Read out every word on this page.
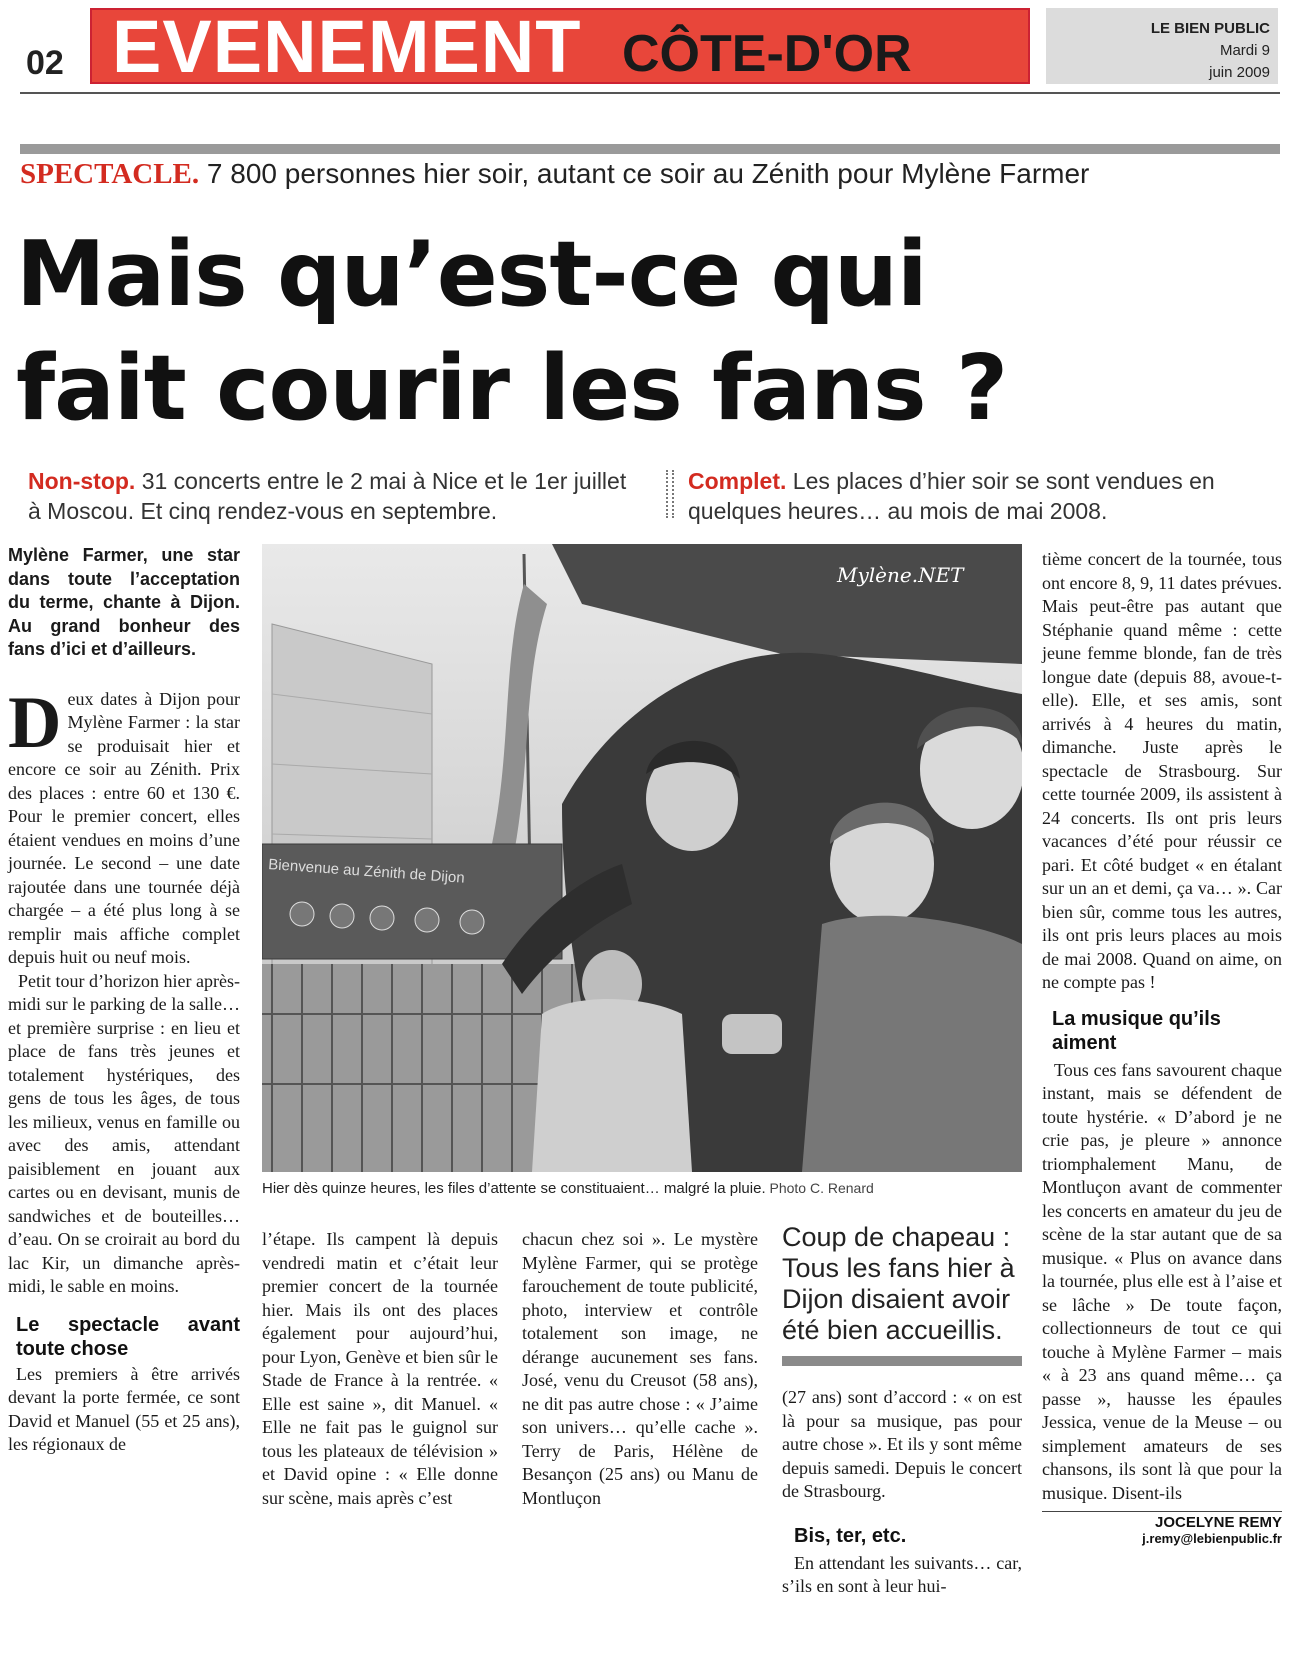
02 EVENEMENT CÔTE-D'OR	LE BIEN PUBLIC
Mardi 9
juin 2009
SPECTACLE. 7 800 personnes hier soir, autant ce soir au Zénith pour Mylène Farmer
Mais qu’est-ce qui fait courir les fans ?
Non-stop. 31 concerts entre le 2 mai à Nice et le 1er juillet à Moscou. Et cinq rendez-vous en septembre.
Complet. Les places d’hier soir se sont vendues en quelques heures… au mois de mai 2008.
Bienvenue au Zénith de Dijon
Mylène.NET
Hier dès quinze heures, les files d’attente se constituaient… malgré la pluie. Photo C. Renard

Mylène Farmer, une star dans toute l’acceptation du terme, chante à Dijon. Au grand bonheur des fans d’ici et d’ailleurs.

Deux dates à Dijon pour Mylène Farmer : la star se produisait hier et encore ce soir au Zénith. Prix des places : entre 60 et 130 €. Pour le premier concert, elles étaient vendues en moins d’une journée. Le second – une date rajoutée dans une tournée déjà chargée – a été plus long à se remplir mais affiche complet depuis huit ou neuf mois.

Petit tour d’horizon hier après-midi sur le parking de la salle… et première surprise : en lieu et place de fans très jeunes et totalement hystériques, des gens de tous les âges, de tous les milieux, venus en famille ou avec des amis, attendant paisiblement en jouant aux cartes ou en devisant, munis de sandwiches et de bouteilles… d’eau. On se croirait au bord du lac Kir, un dimanche après-midi, le sable en moins.

Le spectacle avant toute chose

Les premiers à être arrivés devant la porte fermée, ce sont David et Manuel (55 et 25 ans), les régionaux de

l’étape. Ils campent là depuis vendredi matin et c’était leur premier concert de la tournée hier. Mais ils ont des places également pour aujourd’hui, pour Lyon, Genève et bien sûr le Stade de France à la rentrée. « Elle est saine », dit Manuel. « Elle ne fait pas le guignol sur tous les plateaux de télévision » et David opine : « Elle donne sur scène, mais après c’est
chacun chez soi ». Le mystère Mylène Farmer, qui se protège farouchement de toute publicité, photo, interview et contrôle totalement son image, ne dérange aucunement ses fans. José, venu du Creusot (58 ans), ne dit pas autre chose : « J’aime son univers… qu’elle cache ». Terry de Paris, Hélène de Besançon (25 ans) ou Manu de Montluçon

Coup de chapeau : Tous les fans hier à Dijon disaient avoir été bien accueillis.

(27 ans) sont d’accord : « on est là pour sa musique, pas pour autre chose ». Et ils y sont même depuis samedi. Depuis le concert de Strasbourg.

Bis, ter, etc.

En attendant les suivants… car, s’ils en sont à leur hui-

tième concert de la tournée, tous ont encore 8, 9, 11 dates prévues. Mais peut-être pas autant que Stéphanie quand même : cette jeune femme blonde, fan de très longue date (depuis 88, avoue-t-elle). Elle, et ses amis, sont arrivés à 4 heures du matin, dimanche. Juste après le spectacle de Strasbourg. Sur cette tournée 2009, ils assistent à 24 concerts. Ils ont pris leurs vacances d’été pour réussir ce pari. Et côté budget « en étalant sur un an et demi, ça va… ». Car bien sûr, comme tous les autres, ils ont pris leurs places au mois de mai 2008. Quand on aime, on ne compte pas !

La musique qu’ils aiment

Tous ces fans savourent chaque instant, mais se défendent de toute hystérie. « D’abord je ne crie pas, je pleure » annonce triomphalement Manu, de Montluçon avant de commenter les concerts en amateur du jeu de scène de la star autant que de sa musique. « Plus on avance dans la tournée, plus elle est à l’aise et se lâche » De toute façon, collectionneurs de tout ce qui touche à Mylène Farmer – mais « à 23 ans quand même… ça passe », hausse les épaules Jessica, venue de la Meuse – ou simplement amateurs de ses chansons, ils sont là que pour la musique. Disent-ils

JOCELYNE REMY

j.remy@lebienpublic.fr
